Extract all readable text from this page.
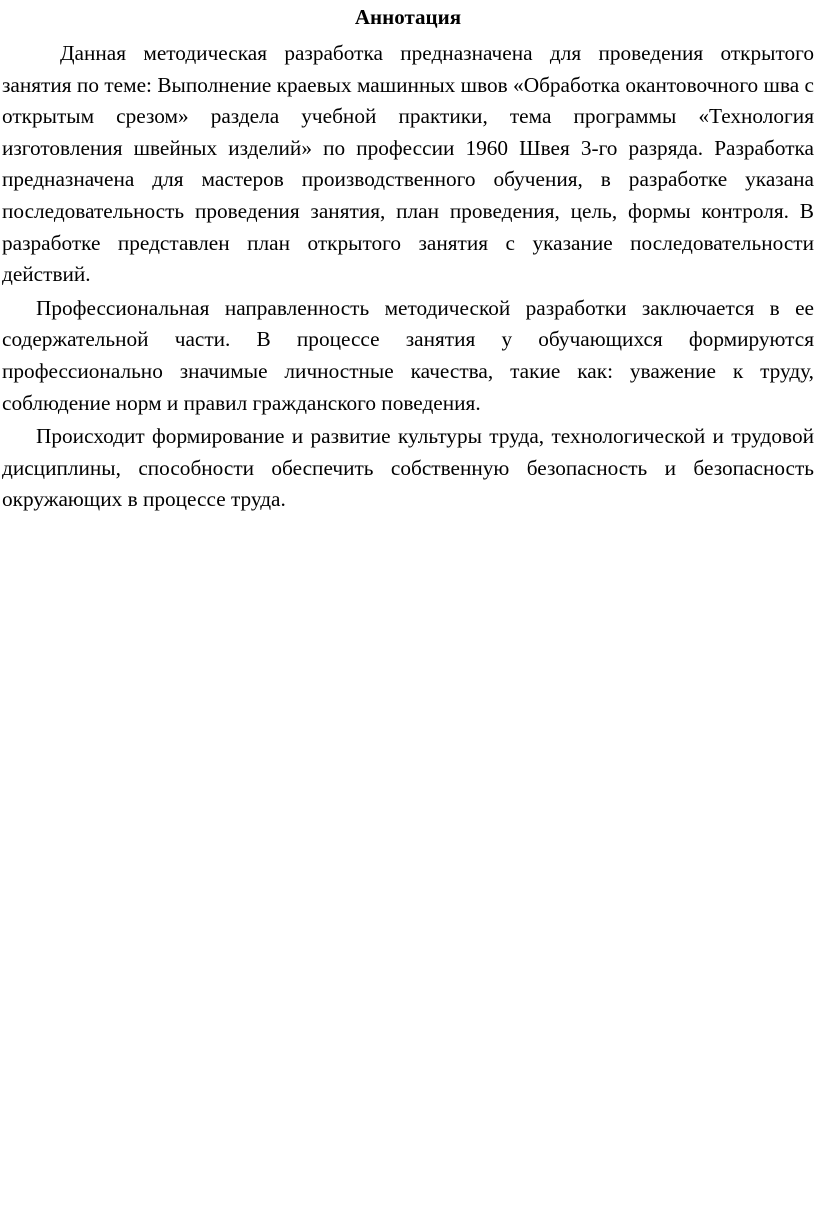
Аннотация

Данная методическая разработка предназначена для проведения открытого занятия по теме: Выполнение краевых машинных швов «Обработка окантовочного шва с открытым срезом» раздела учебной практики, тема программы «Технология изготовления швейных изделий» по профессии 1960 Швея 3-го разряда. Разработка предназначена для мастеров производственного обучения, в разработке указана последовательность проведения занятия, план проведения, цель, формы контроля. В разработке представлен план открытого занятия с указание последовательности действий.

Профессиональная направленность методической разработки заключается в ее содержательной части. В процессе занятия у обучающихся формируются профессионально значимые личностные качества, такие как: уважение к труду, соблюдение норм и правил гражданского поведения.

Происходит формирование и развитие культуры труда, технологической и трудовой дисциплины, способности обеспечить собственную безопасность и безопасность окружающих в процессе труда.
